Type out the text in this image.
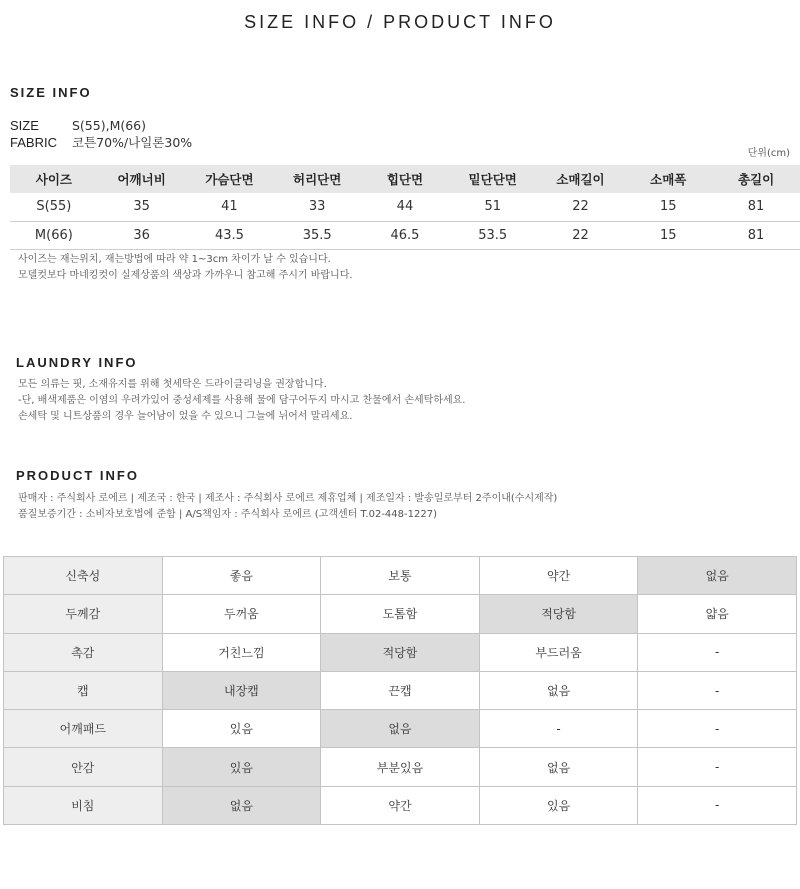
SIZE INFO / PRODUCT INFO
SIZE INFO
SIZE	S(55),M(66)
FABRIC 코튼70%/나일론30%
단위(cm)
사이즈	어깨너비	가슴단면	허리단면	힙단면	밑단단면	소매길이	소매폭	총길이
S(55)	35	41	33	44	51	22	15	81
M(66)	36	43.5	35.5	46.5	53.5	22	15	81
사이즈는 재는위치, 재는방법에 따라 약 1~3cm 차이가 날 수 있습니다.
모델컷보다 마네킹컷이 실제상품의 색상과 가까우니 참고해 주시기 바랍니다.
LAUNDRY INFO
모든 의류는 핏, 소재유지를 위해 첫세탁은 드라이클리닝을 권장합니다.
-단, 배색제품은 이염의 우려가있어 중성세제를 사용해 물에 담구어두지 마시고 찬물에서 손세탁하세요.
손세탁 및 니트상품의 경우 늘어남이 었을 수 있으니 그늘에 뉘어서 말리세요.
PRODUCT INFO
판매자 : 주식회사 로에르 | 제조국 : 한국 | 제조사 : 주식회사 로에르 제휴업체 | 제조일자 : 발송일로부터 2주이내(수시제작)
품질보증기간 : 소비자보호법에 준함 | A/S책임자 : 주식회사 로에르 (고객센터 T.02-448-1227)
신축성	좋음	보통	약간	없음
두께감	두꺼움	도톰함	적당함	얇음
촉감	거친느낌	적당함	부드러움	-
캡	내장캡	끈캡	없음	-
어깨패드	있음	없음	-	-
안감	있음	부분있음	없음	-
비침	없음	약간	있음	-
